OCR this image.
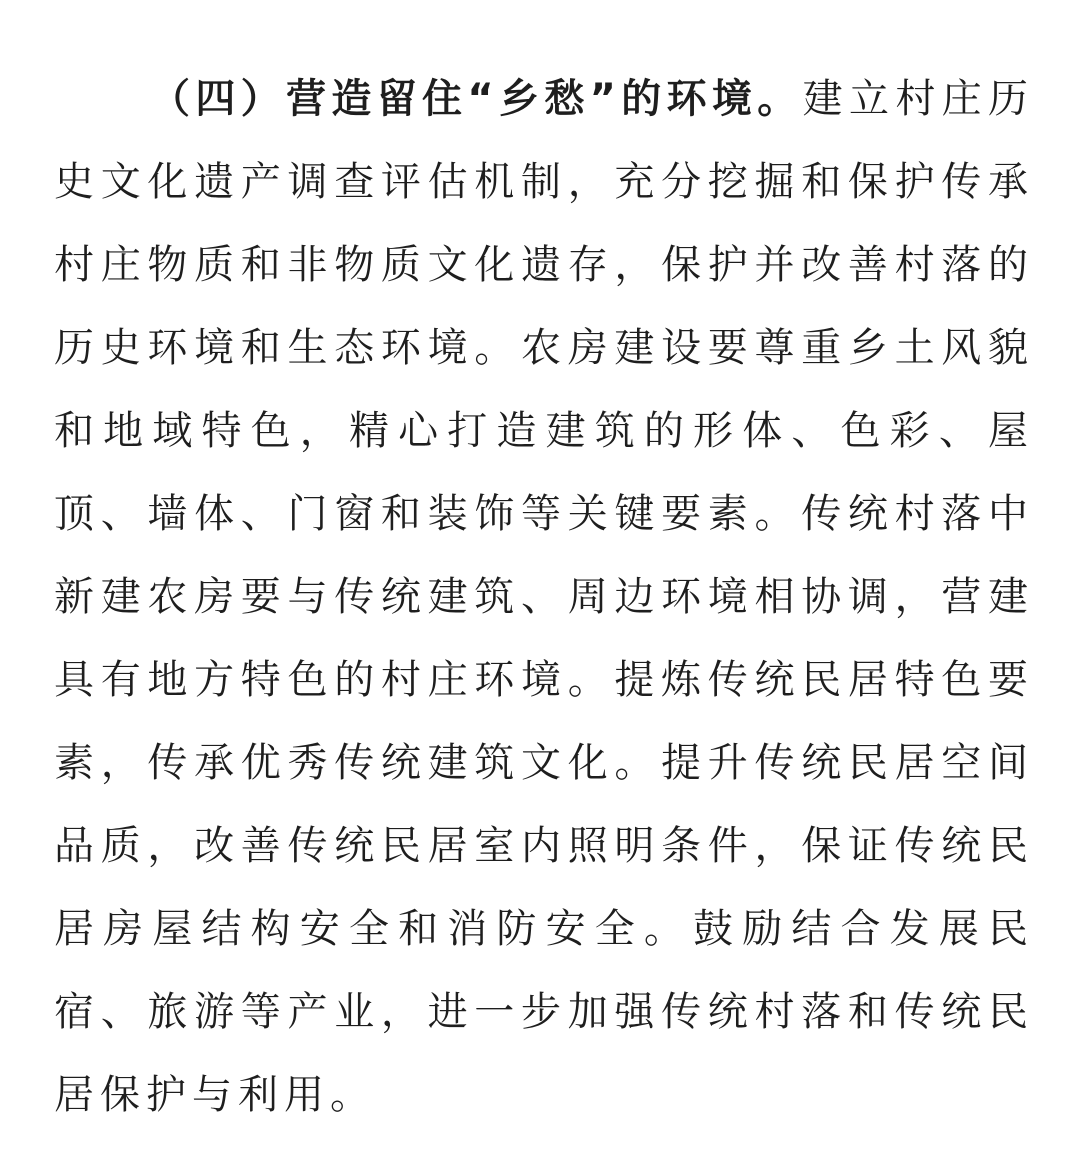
（四）营造留住“乡愁”的环境。建立村庄历史文化遗产调查评估机制，充分挖掘和保护传承村庄物质和非物质文化遗存，保护并改善村落的历史环境和生态环境。农房建设要尊重乡土风貌和地域特色，精心打造建筑的形体、色彩、屋顶、墙体、门窗和装饰等关键要素。传统村落中新建农房要与传统建筑、周边环境相协调，营建具有地方特色的村庄环境。提炼传统民居特色要素，传承优秀传统建筑文化。提升传统民居空间品质，改善传统民居室内照明条件，保证传统民居房屋结构安全和消防安全。鼓励结合发展民宿、旅游等产业，进一步加强传统村落和传统民居保护与利用。
